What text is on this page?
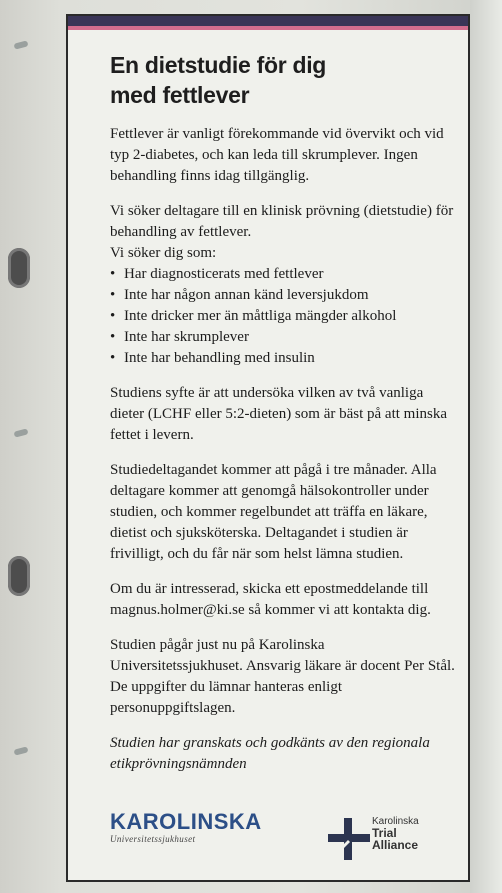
En dietstudie för dig
med fettlever

Fettlever är vanligt förekommande vid övervikt och vid typ 2-diabetes, och kan leda till skrumplever. Ingen behandling finns idag tillgänglig.

Vi söker deltagare till en klinisk prövning (dietstudie) för behandling av fettlever.

Vi söker dig som:

• Har diagnosticerats med fettlever
• Inte har någon annan känd leversjukdom
• Inte dricker mer än måttliga mängder alkohol
• Inte har skrumplever
• Inte har behandling med insulin

Studiens syfte är att undersöka vilken av två vanliga dieter (LCHF eller 5:2-dieten) som är bäst på att minska fettet i levern.

Studiedeltagandet kommer att pågå i tre månader. Alla deltagare kommer att genomgå hälsokontroller under studien, och kommer regelbundet att träffa en läkare, dietist och sjuksköterska. Deltagandet i studien är frivilligt, och du får när som helst lämna studien.

Om du är intresserad, skicka ett epostmeddelande till magnus.holmer@ki.se så kommer vi att kontakta dig.

Studien pågår just nu på Karolinska Universitetssjukhuset. Ansvarig läkare är docent Per Stål. De uppgifter du lämnar hanteras enligt personuppgiftslagen.

Studien har granskats och godkänts av den regionala etikprövningsnämnden

KAROLINSKA
Universitetssjukhuset
Karolinska
Trial
Alliance
